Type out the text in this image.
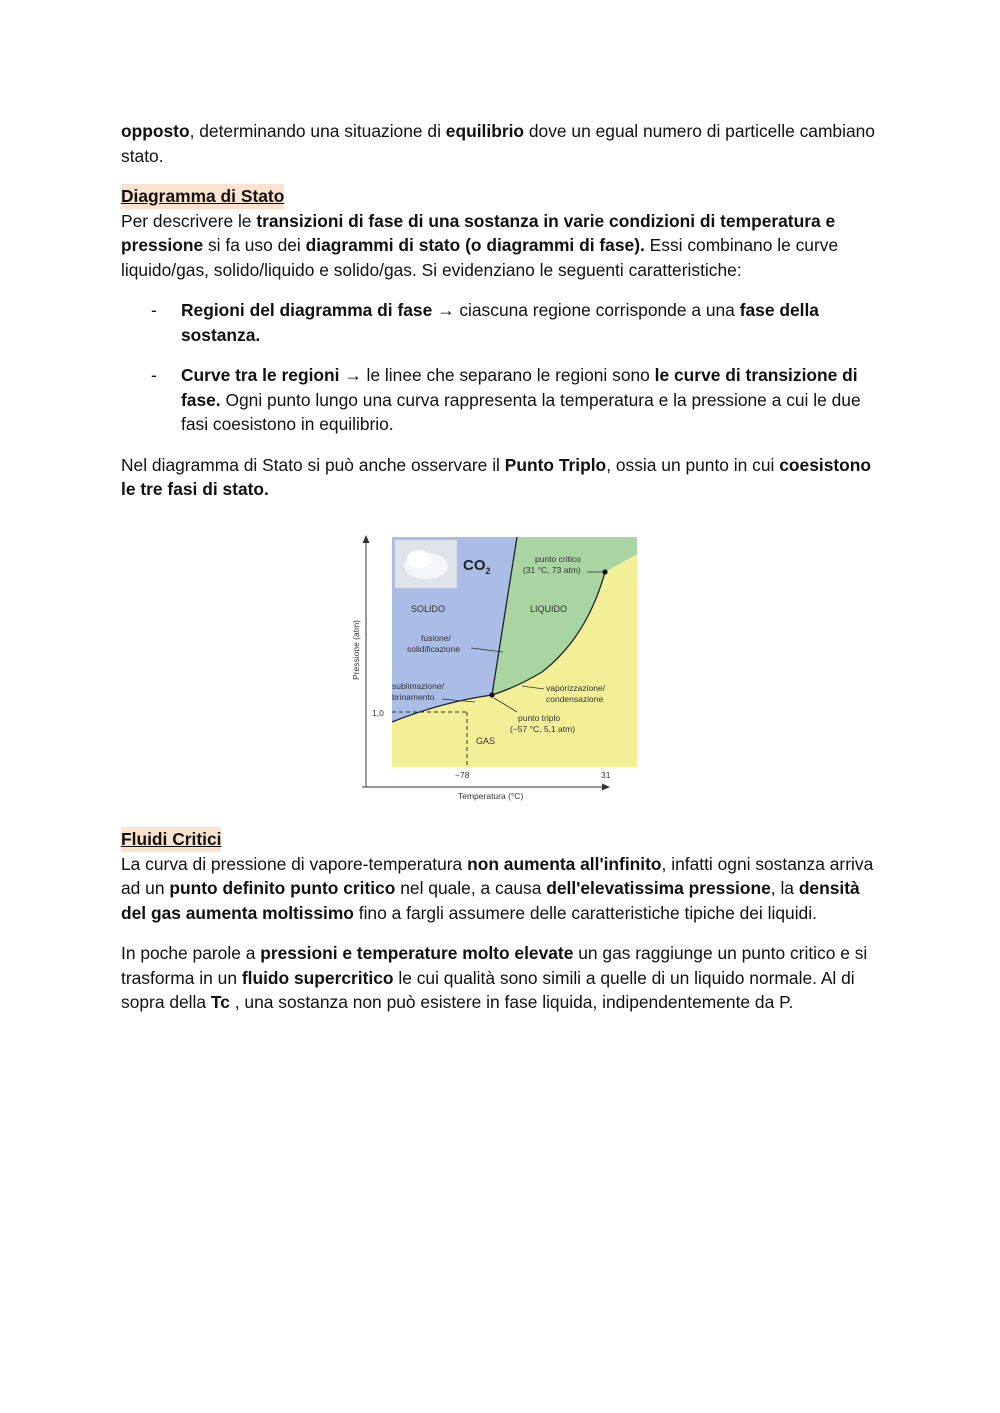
opposto, determinando una situazione di equilibrio dove un egual numero di particelle cambiano stato.

Diagramma di Stato

Per descrivere le transizioni di fase di una sostanza in varie condizioni di temperatura e pressione si fa uso dei diagrammi di stato (o diagrammi di fase). Essi combinano le curve liquido/gas, solido/liquido e solido/gas. Si evidenziano le seguenti caratteristiche:

- Regioni del diagramma di fase → ciascuna regione corrisponde a una fase della sostanza.
- Curve tra le regioni → le linee che separano le regioni sono le curve di transizione di fase. Ogni punto lungo una curva rappresenta la temperatura e la pressione a cui le due fasi coesistono in equilibrio.

Nel diagramma di Stato si può anche osservare il Punto Triplo, ossia un punto in cui coesistono le tre fasi di stato.

$CO_2$
SOLIDO	LIQUIDO
GAS
punto critico (31 °C, 73 atm)
fusione/ solidificazione
sublimazione/ brinamento
vaporizzazione/ condensazione
punto triplo (−57 °C, 5,1 atm)
1,0
−78	31
Pressione (atm)
Temperatura (°C)
Fluidi Critici

La curva di pressione di vapore-temperatura non aumenta all'infinito, infatti ogni sostanza arriva ad un punto definito punto critico nel quale, a causa dell'elevatissima pressione, la densità del gas aumenta moltissimo fino a fargli assumere delle caratteristiche tipiche dei liquidi.

In poche parole a pressioni e temperature molto elevate un gas raggiunge un punto critico e si trasforma in un fluido supercritico le cui qualità sono simili a quelle di un liquido normale. Al di sopra della Tc , una sostanza non può esistere in fase liquida, indipendentemente da P.
